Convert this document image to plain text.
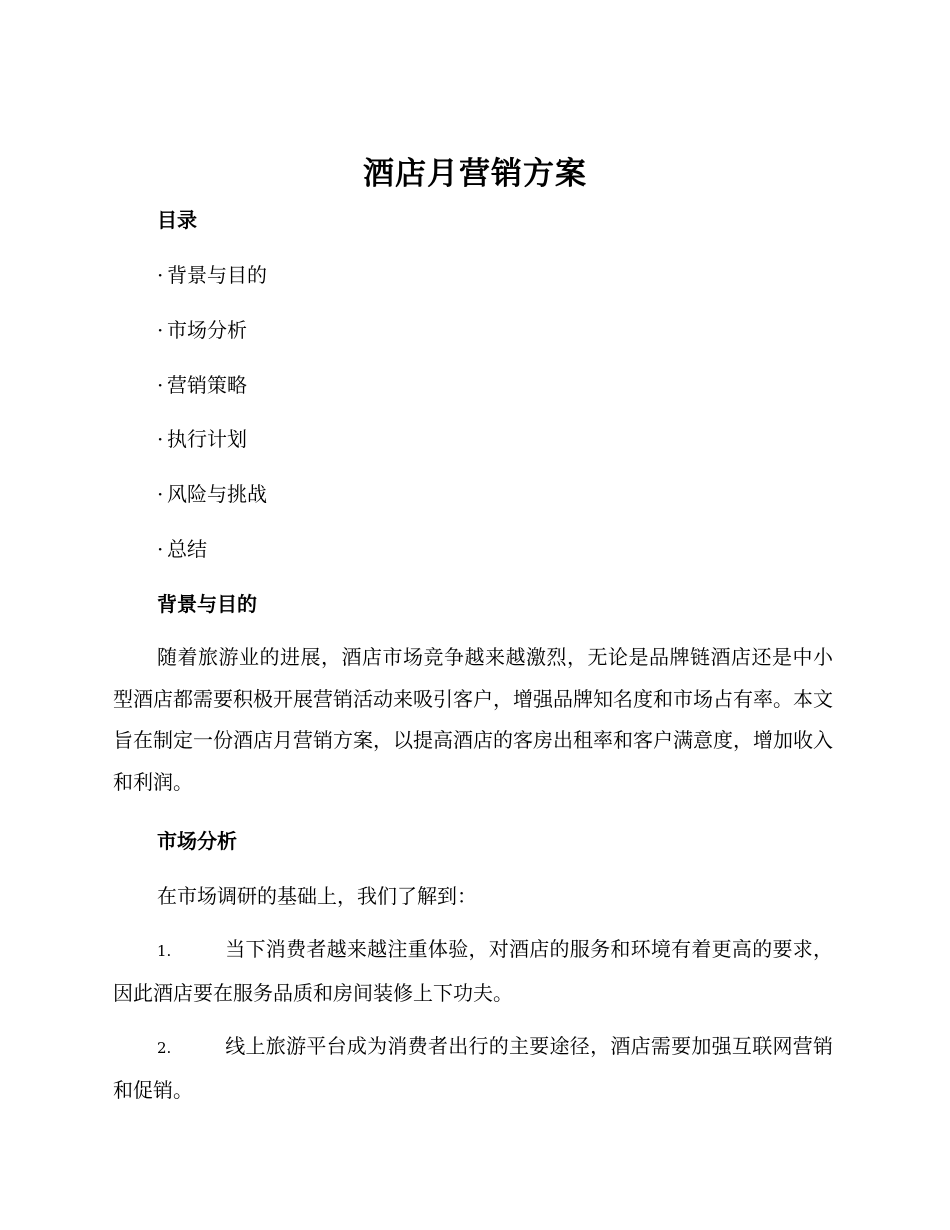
酒店月营销方案
目录
· 背景与目的
· 市场分析
· 营销策略
· 执行计划
· 风险与挑战
· 总结
背景与目的
随着旅游业的进展，酒店市场竞争越来越激烈，无论是品牌链酒店还是中小型酒店都需要积极开展营销活动来吸引客户，增强品牌知名度和市场占有率。本文旨在制定一份酒店月营销方案，以提高酒店的客房出租率和客户满意度，增加收入和利润。
市场分析
在市场调研的基础上，我们了解到：
1.	当下消费者越来越注重体验，对酒店的服务和环境有着更高的要求，因此酒店要在服务品质和房间装修上下功夫。
2.	线上旅游平台成为消费者出行的主要途径，酒店需要加强互联网营销和促销。
